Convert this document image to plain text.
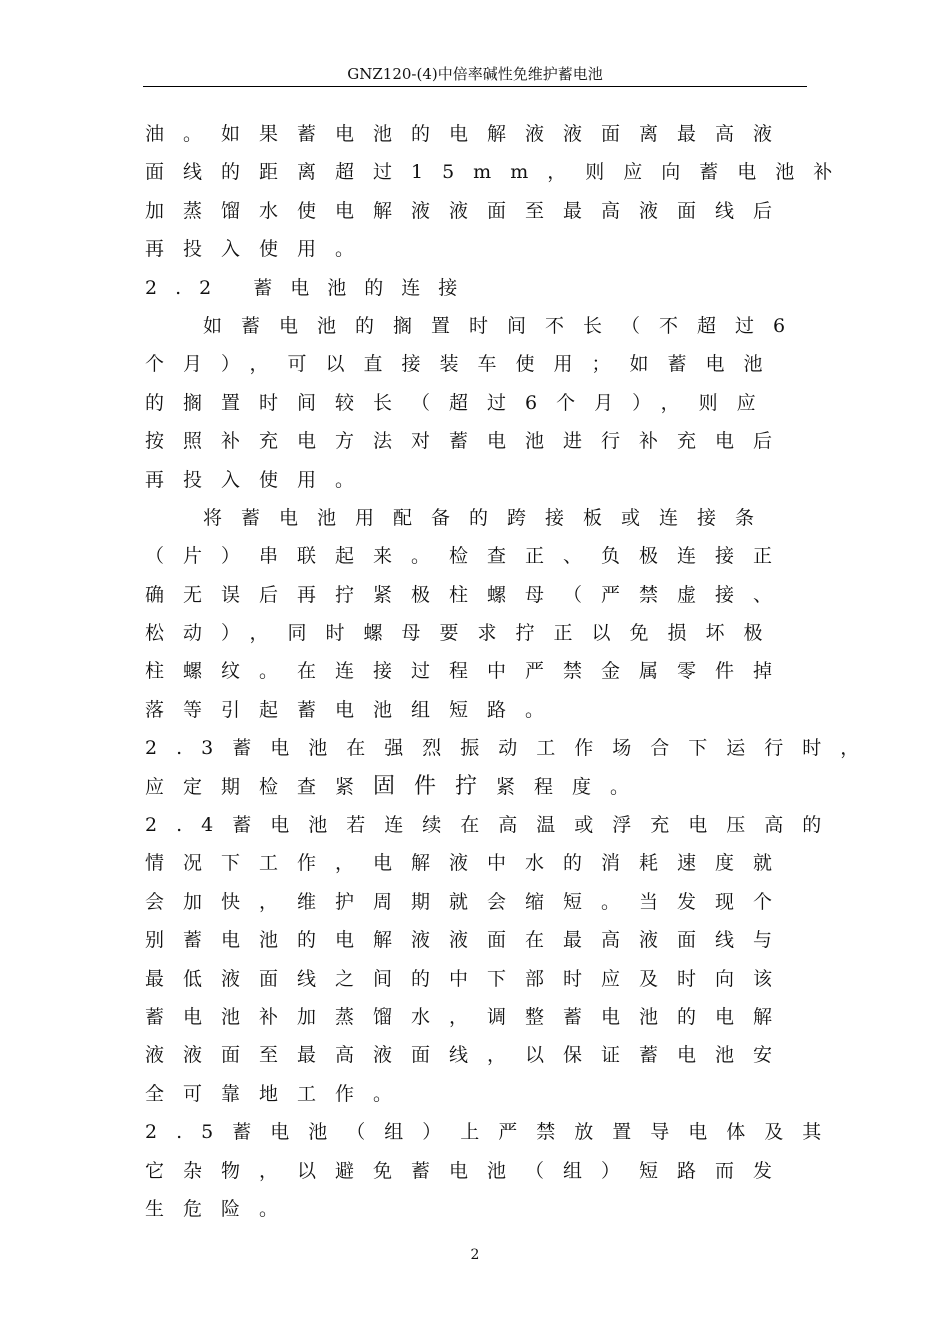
GNZ120-(4)中倍率碱性免维护蓄电池
油。如果蓄电池的电解液液面离最高液
面线的距离超过15mm，则应向蓄电池补
加蒸馏水使电解液液面至最高液面线后
再投入使用。
2.2 蓄电池的连接
如蓄电池的搁置时间不长（不超过6
个月），可以直接装车使用；如蓄电池
的搁置时间较长（超过6个月），则应
按照补充电方法对蓄电池进行补充电后
再投入使用。
将蓄电池用配备的跨接板或连接条
（片）串联起来。检查正、负极连接正
确无误后再拧紧极柱螺母（严禁虚接、
松动），同时螺母要求拧正以免损坏极
柱螺纹。在连接过程中严禁金属零件掉
落等引起蓄电池组短路。
2.3蓄电池在强烈振动工作场合下运行时，
应定期检查紧固件拧紧程度。
2.4蓄电池若连续在高温或浮充电压高的
情况下工作，电解液中水的消耗速度就
会加快，维护周期就会缩短。当发现个
别蓄电池的电解液液面在最高液面线与
最低液面线之间的中下部时应及时向该
蓄电池补加蒸馏水，调整蓄电池的电解
液液面至最高液面线，以保证蓄电池安
全可靠地工作。
2.5蓄电池（组）上严禁放置导电体及其
它杂物，以避免蓄电池（组）短路而发
生危险。
2
